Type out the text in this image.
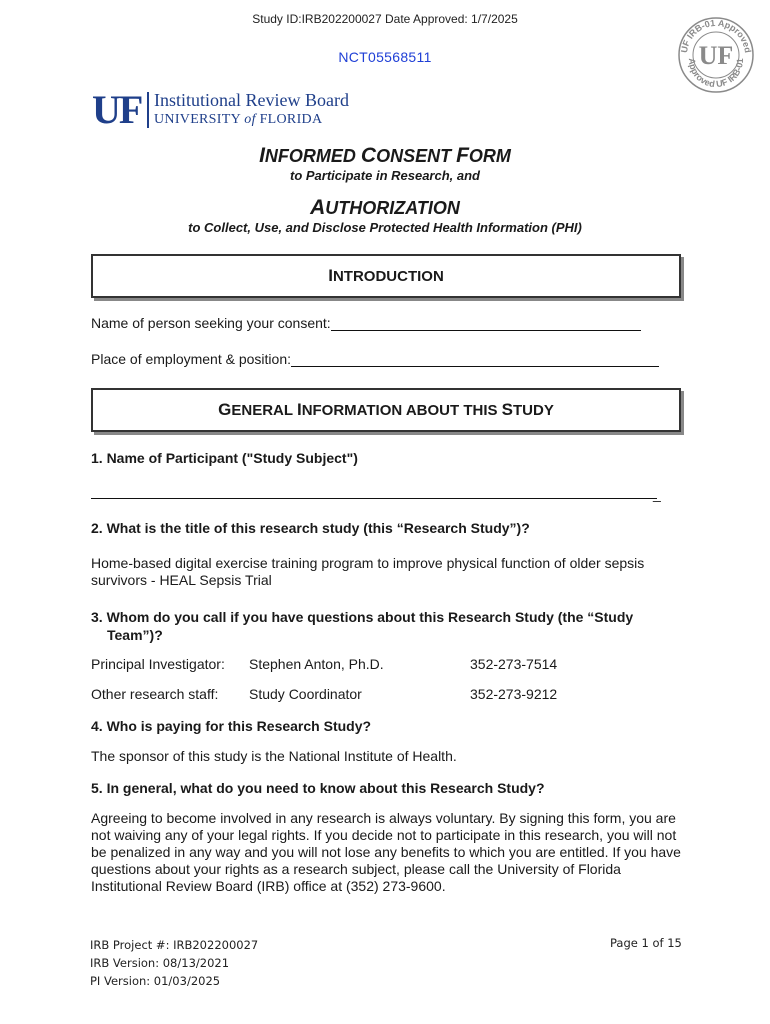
Study ID:IRB202200027 Date Approved: 1/7/2025
NCT05568511	UF IRB-01 Approved
Approved UF IRB-01
UF
UF Institutional Review Board
UNIVERSITY of FLORIDA
INFORMED CONSENT FORM
to Participate in Research, and
AUTHORIZATION
to Collect, Use, and Disclose Protected Health Information (PHI)
INTRODUCTION
Name of person seeking your consent:
Place of employment & position:
GENERAL INFORMATION ABOUT THIS STUDY
1. Name of Participant ("Study Subject")
_
2. What is the title of this research study (this “Research Study”)?
Home-based digital exercise training program to improve physical function of older sepsis survivors - HEAL Sepsis Trial
3. Whom do you call if you have questions about this Research Study (the “Study
Team”)?
Principal Investigator: Stephen Anton, Ph.D.	352-273-7514
Other research staff: Study Coordinator	352-273-9212
4. Who is paying for this Research Study?
The sponsor of this study is the National Institute of Health.
5. In general, what do you need to know about this Research Study?
Agreeing to become involved in any research is always voluntary. By signing this form, you are not waiving any of your legal rights. If you decide not to participate in this research, you will not be penalized in any way and you will not lose any benefits to which you are entitled. If you have questions about your rights as a research subject, please call the University of Florida Institutional Review Board (IRB) office at (352) 273-9600.
IRB Project #: IRB202200027
IRB Version: 08/13/2021
PI Version: 01/03/2025
Page 1 of 15
